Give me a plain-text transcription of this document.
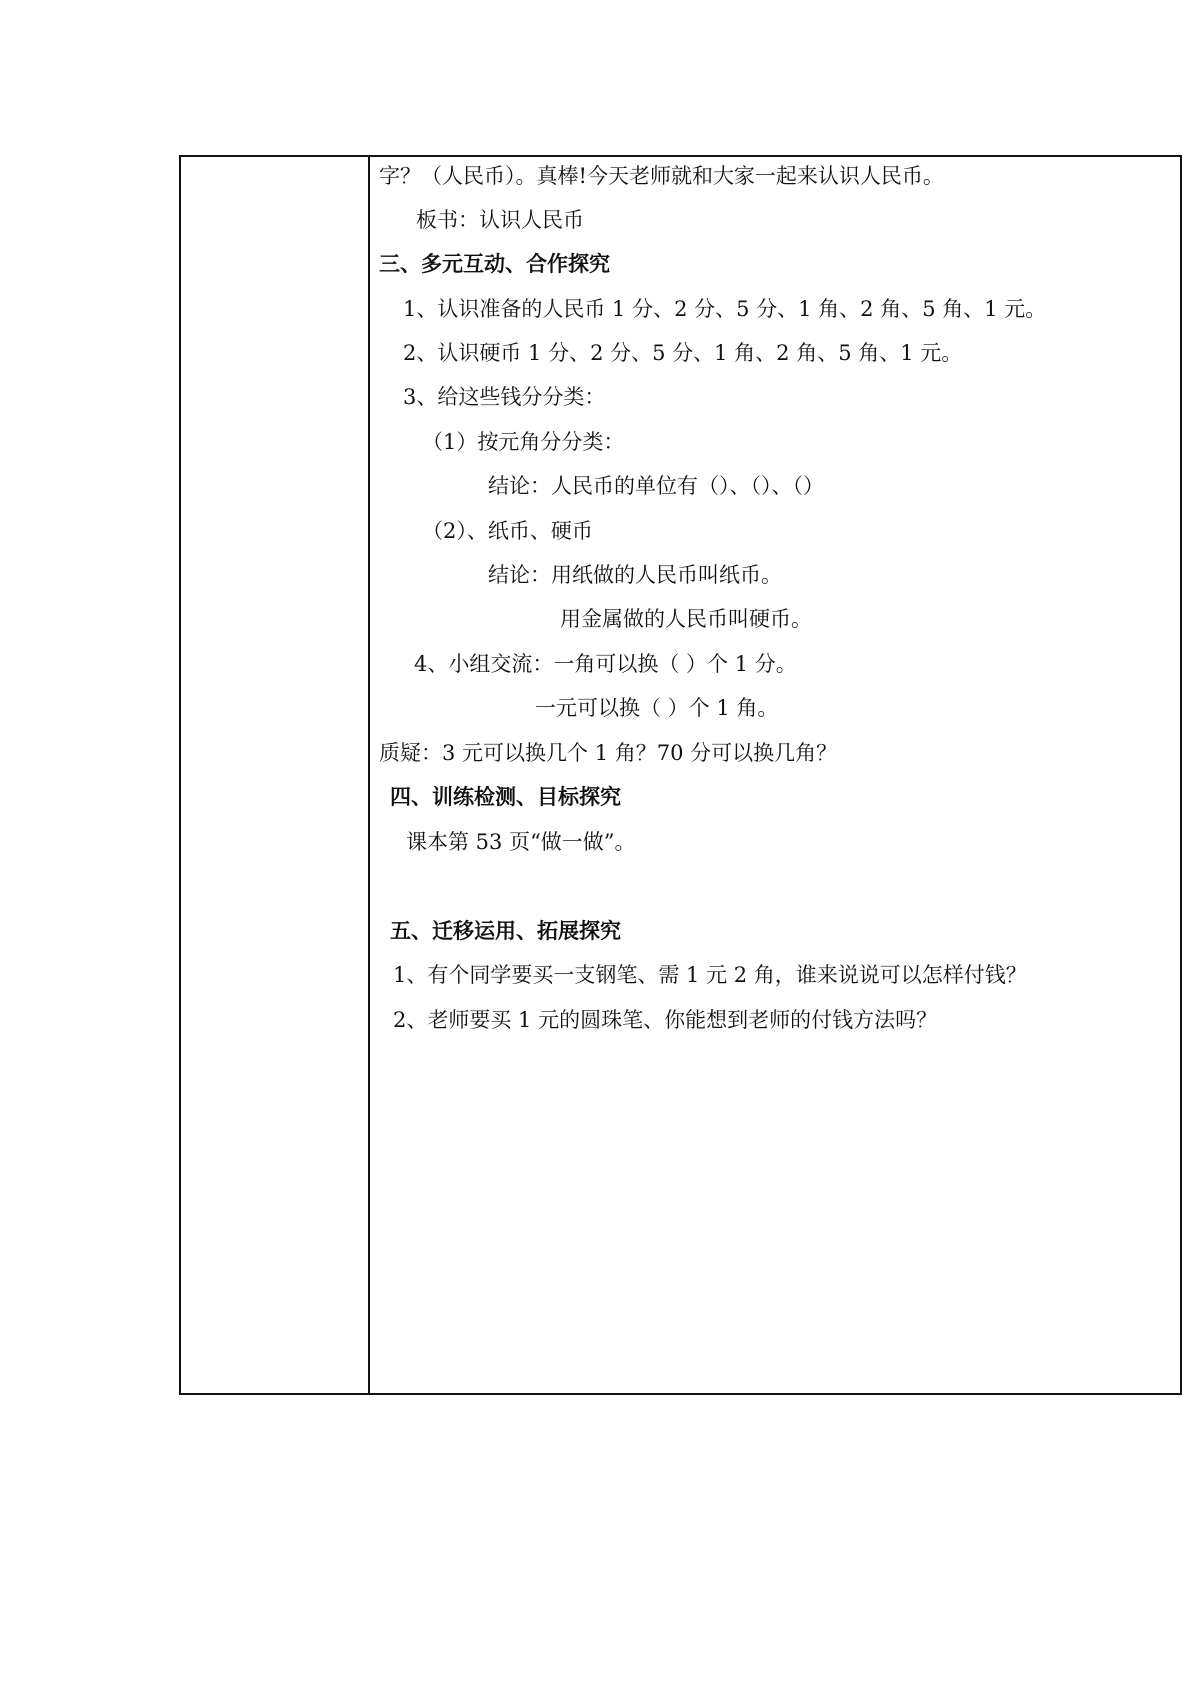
字？（人民币）。真棒!今天老师就和大家一起来认识人民币。
板书：认识人民币
三、多元互动、合作探究
1、认识准备的人民币 1 分、2 分、5 分、1 角、2 角、5 角、1 元。
2、认识硬币 1 分、2 分、5 分、1 角、2 角、5 角、1 元。
3、给这些钱分分类：
（1）按元角分分类：
结论：人民币的单位有（）、（）、（）
（2）、纸币、硬币
结论：用纸做的人民币叫纸币。
用金属做的人民币叫硬币。
4、小组交流：一角可以换（ ）个 1 分。
一元可以换（ ）个 1 角。
质疑：3 元可以换几个 1 角？70 分可以换几角？
四、训练检测、目标探究
课本第 53 页“做一做”。
五、迁移运用、拓展探究
1、有个同学要买一支钢笔、需 1 元 2 角，谁来说说可以怎样付钱？
2、老师要买 1 元的圆珠笔、你能想到老师的付钱方法吗？
